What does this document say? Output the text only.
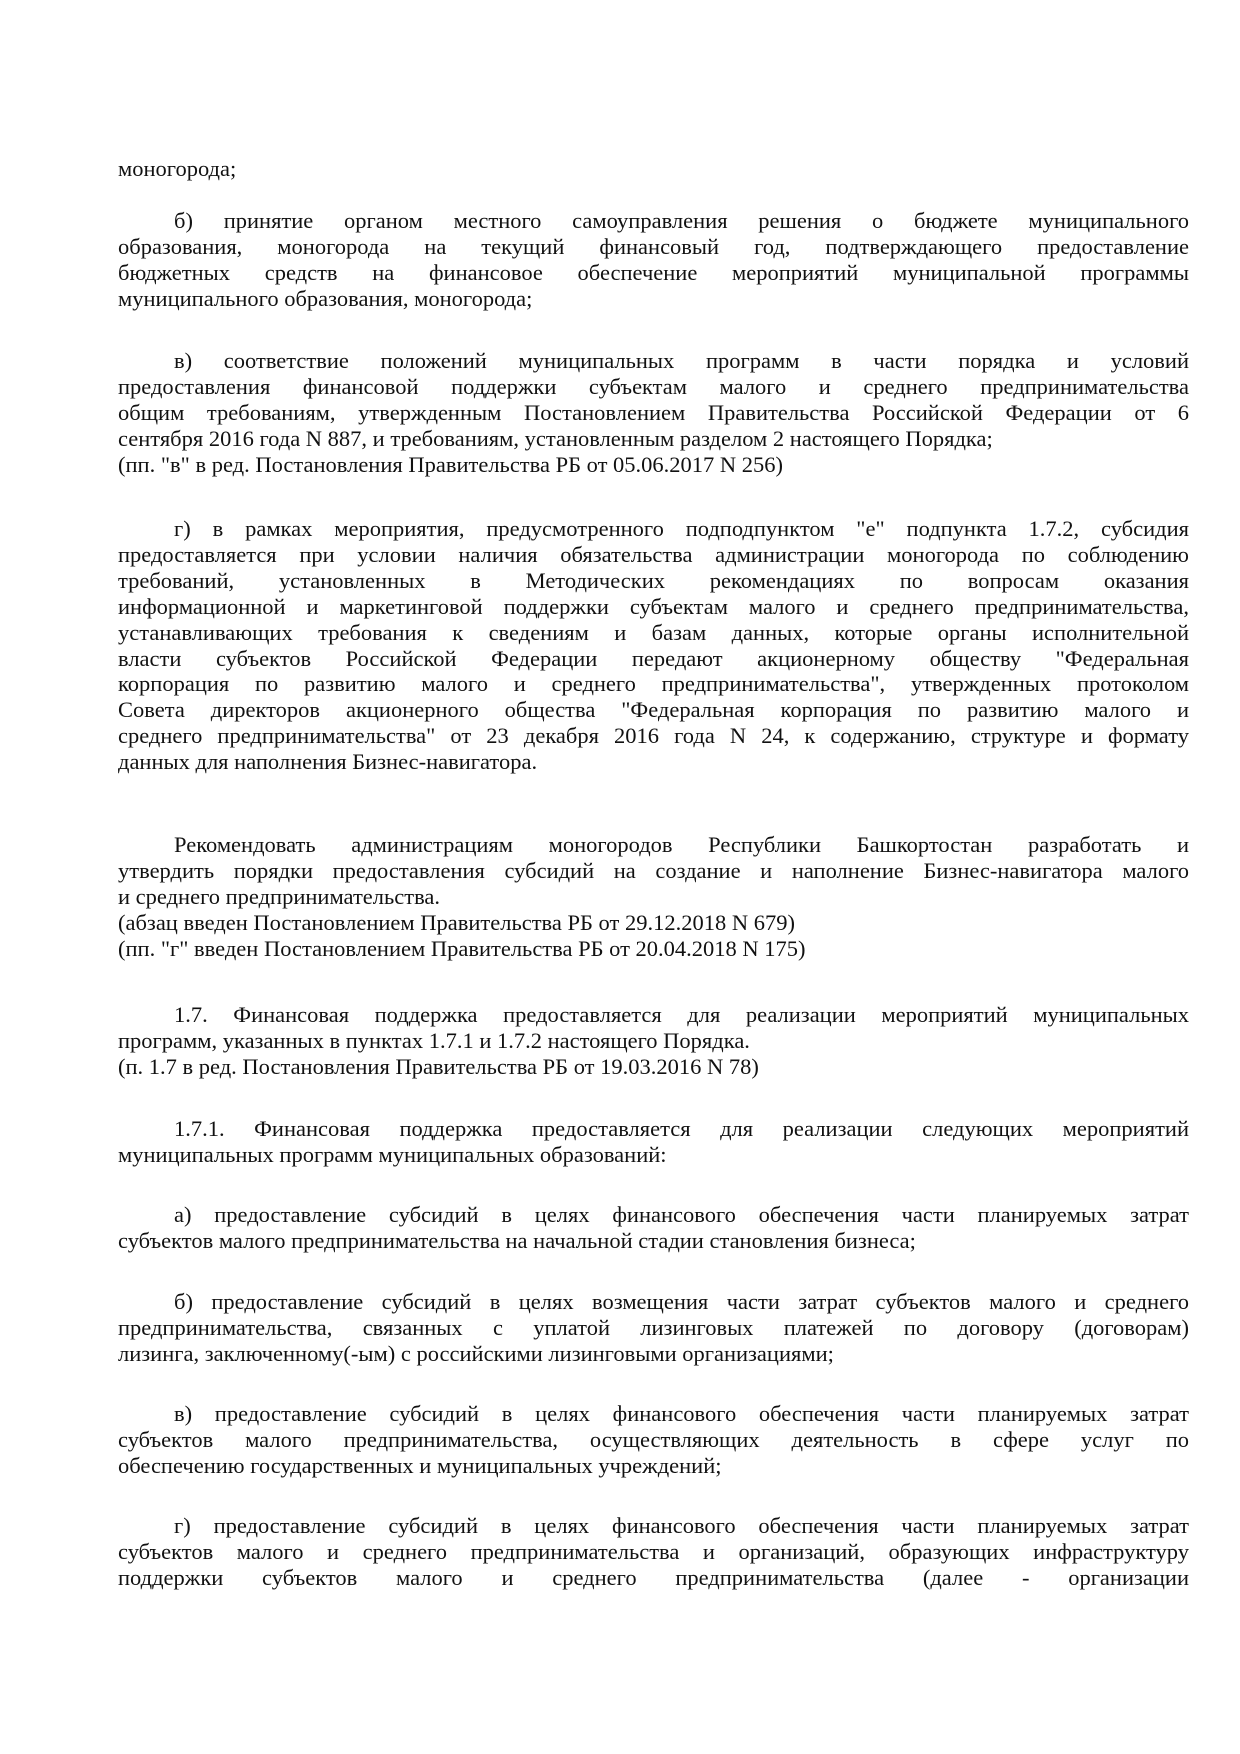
моногорода;
б) принятие органом местного самоуправления решения о бюджете муниципального
образования, моногорода на текущий финансовый год, подтверждающего предоставление
бюджетных средств на финансовое обеспечение мероприятий муниципальной программы
муниципального образования, моногорода;
в) соответствие положений муниципальных программ в части порядка и условий
предоставления финансовой поддержки субъектам малого и среднего предпринимательства
общим требованиям, утвержденным Постановлением Правительства Российской Федерации от 6
сентября 2016 года N 887, и требованиям, установленным разделом 2 настоящего Порядка;
(пп. "в" в ред. Постановления Правительства РБ от 05.06.2017 N 256)
г) в рамках мероприятия, предусмотренного подподпунктом "е" подпункта 1.7.2, субсидия
предоставляется при условии наличия обязательства администрации моногорода по соблюдению
требований, установленных в Методических рекомендациях по вопросам оказания
информационной и маркетинговой поддержки субъектам малого и среднего предпринимательства,
устанавливающих требования к сведениям и базам данных, которые органы исполнительной
власти субъектов Российской Федерации передают акционерному обществу "Федеральная
корпорация по развитию малого и среднего предпринимательства", утвержденных протоколом
Совета директоров акционерного общества "Федеральная корпорация по развитию малого и
среднего предпринимательства" от 23 декабря 2016 года N 24, к содержанию, структуре и формату
данных для наполнения Бизнес-навигатора.
Рекомендовать администрациям моногородов Республики Башкортостан разработать и
утвердить порядки предоставления субсидий на создание и наполнение Бизнес-навигатора малого
и среднего предпринимательства.
(абзац введен Постановлением Правительства РБ от 29.12.2018 N 679)
(пп. "г" введен Постановлением Правительства РБ от 20.04.2018 N 175)
1.7. Финансовая поддержка предоставляется для реализации мероприятий муниципальных
программ, указанных в пунктах 1.7.1 и 1.7.2 настоящего Порядка.
(п. 1.7 в ред. Постановления Правительства РБ от 19.03.2016 N 78)
1.7.1. Финансовая поддержка предоставляется для реализации следующих мероприятий
муниципальных программ муниципальных образований:
а) предоставление субсидий в целях финансового обеспечения части планируемых затрат
субъектов малого предпринимательства на начальной стадии становления бизнеса;
б) предоставление субсидий в целях возмещения части затрат субъектов малого и среднего
предпринимательства, связанных с уплатой лизинговых платежей по договору (договорам)
лизинга, заключенному(-ым) с российскими лизинговыми организациями;
в) предоставление субсидий в целях финансового обеспечения части планируемых затрат
субъектов малого предпринимательства, осуществляющих деятельность в сфере услуг по
обеспечению государственных и муниципальных учреждений;
г) предоставление субсидий в целях финансового обеспечения части планируемых затрат
субъектов малого и среднего предпринимательства и организаций, образующих инфраструктуру
поддержки субъектов малого и среднего предпринимательства (далее - организации
